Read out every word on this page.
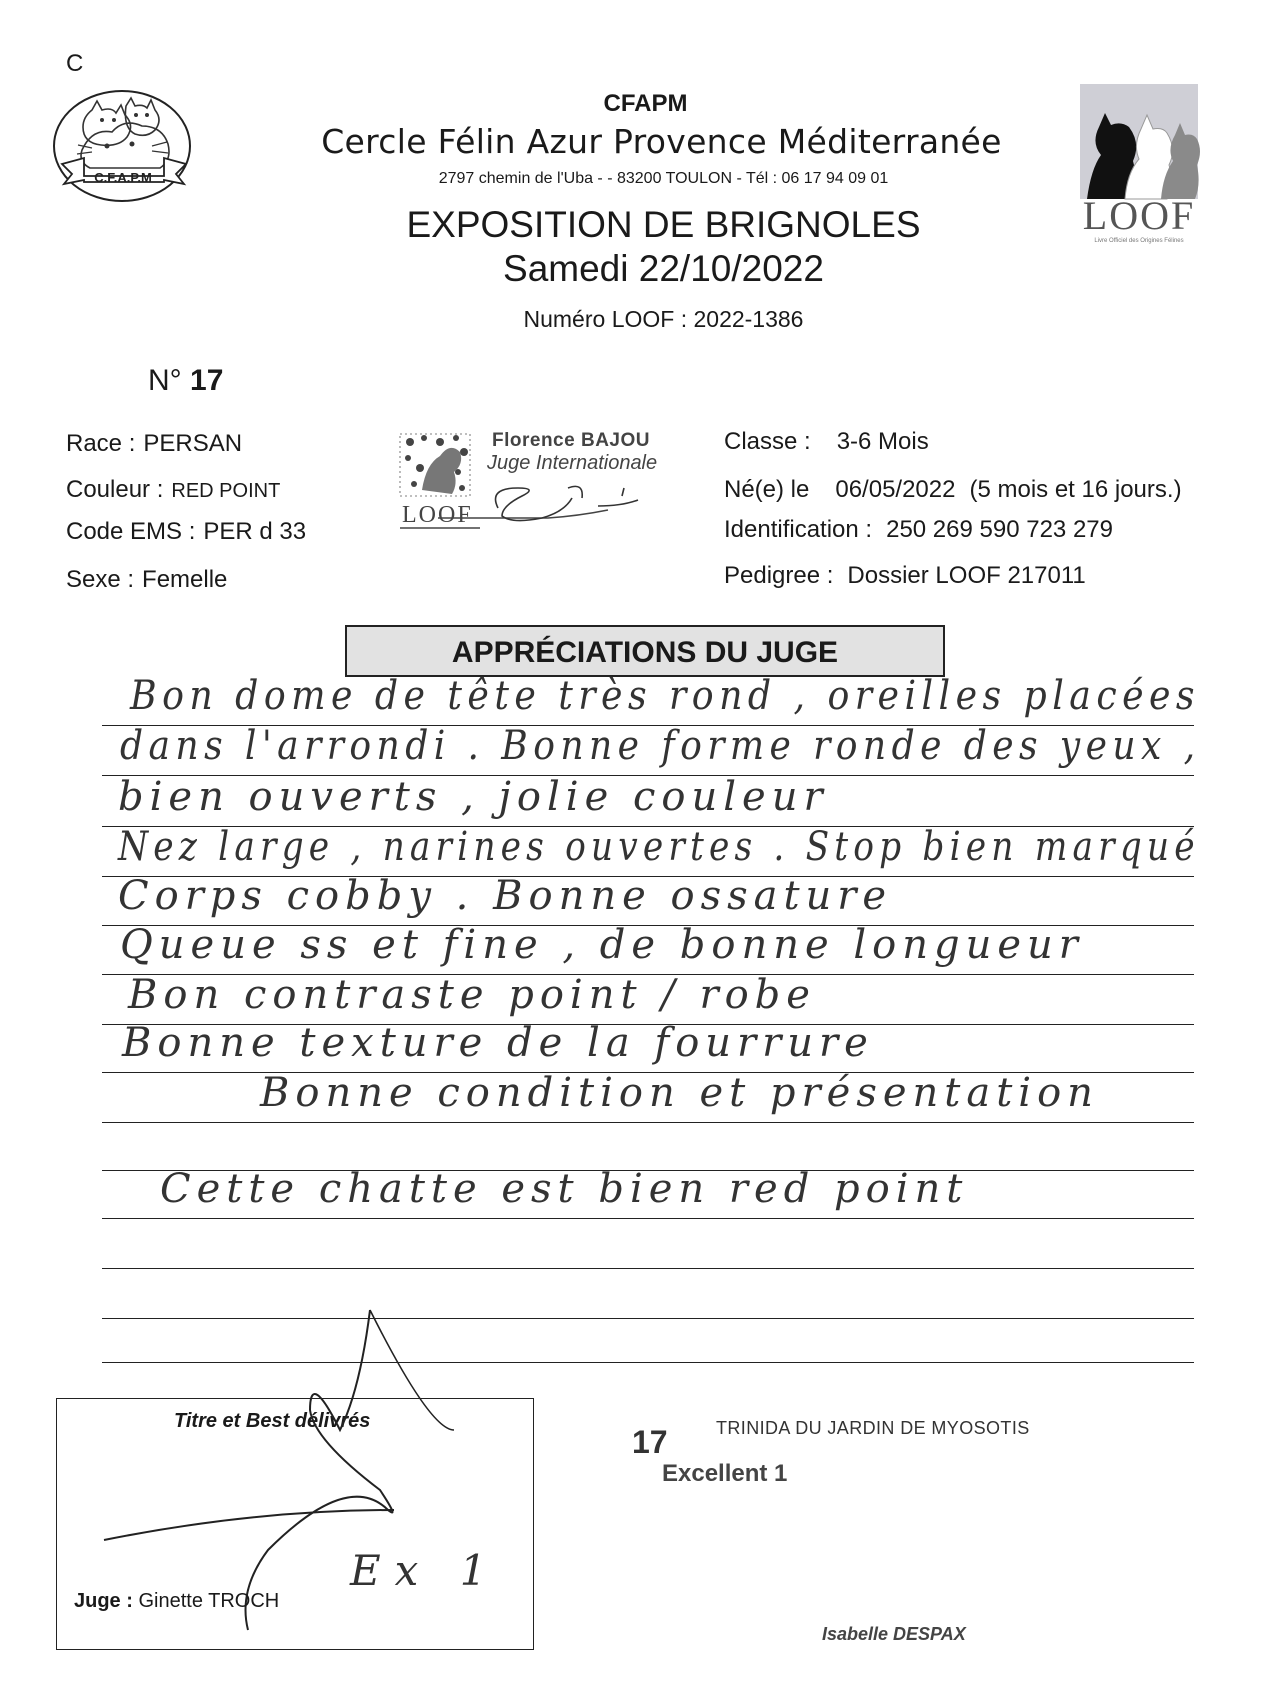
C
C.F.A.P.M
CFAPM
Cercle Félin Azur Provence Méditerranée
2797 chemin de l'Uba - - 83200 TOULON - Tél : 06 17 94 09 01
EXPOSITION DE BRIGNOLES
Samedi 22/10/2022
Numéro LOOF : 2022-1386
LOOF
Livre Officiel des Origines Félines
N° 17
Race : PERSAN
Couleur : RED POINT
Code EMS : PER d 33
Sexe : Femelle
LOOF
Florence BAJOU
Juge Internationale
Classe : 3-6 Mois
Né(e) le 06/05/2022 (5 mois et 16 jours.)
Identification : 250 269 590 723 279
Pedigree : Dossier LOOF 217011
APPRÉCIATIONS DU JUGE
Bon dome de tête très rond , oreilles placées
dans l'arrondi . Bonne forme ronde des yeux ,
bien ouverts , jolie couleur
Nez large , narines ouvertes . Stop bien marqué
Corps cobby . Bonne ossature
Queue ss et fine , de bonne longueur
Bon contraste point / robe
Bonne texture de la fourrure
Bonne condition et présentation
Cette chatte est bien red point
Titre et Best délivrés
Ex 1
Juge : Ginette TROCH
17	TRINIDA DU JARDIN DE MYOSOTIS
Excellent 1
Isabelle DESPAX
